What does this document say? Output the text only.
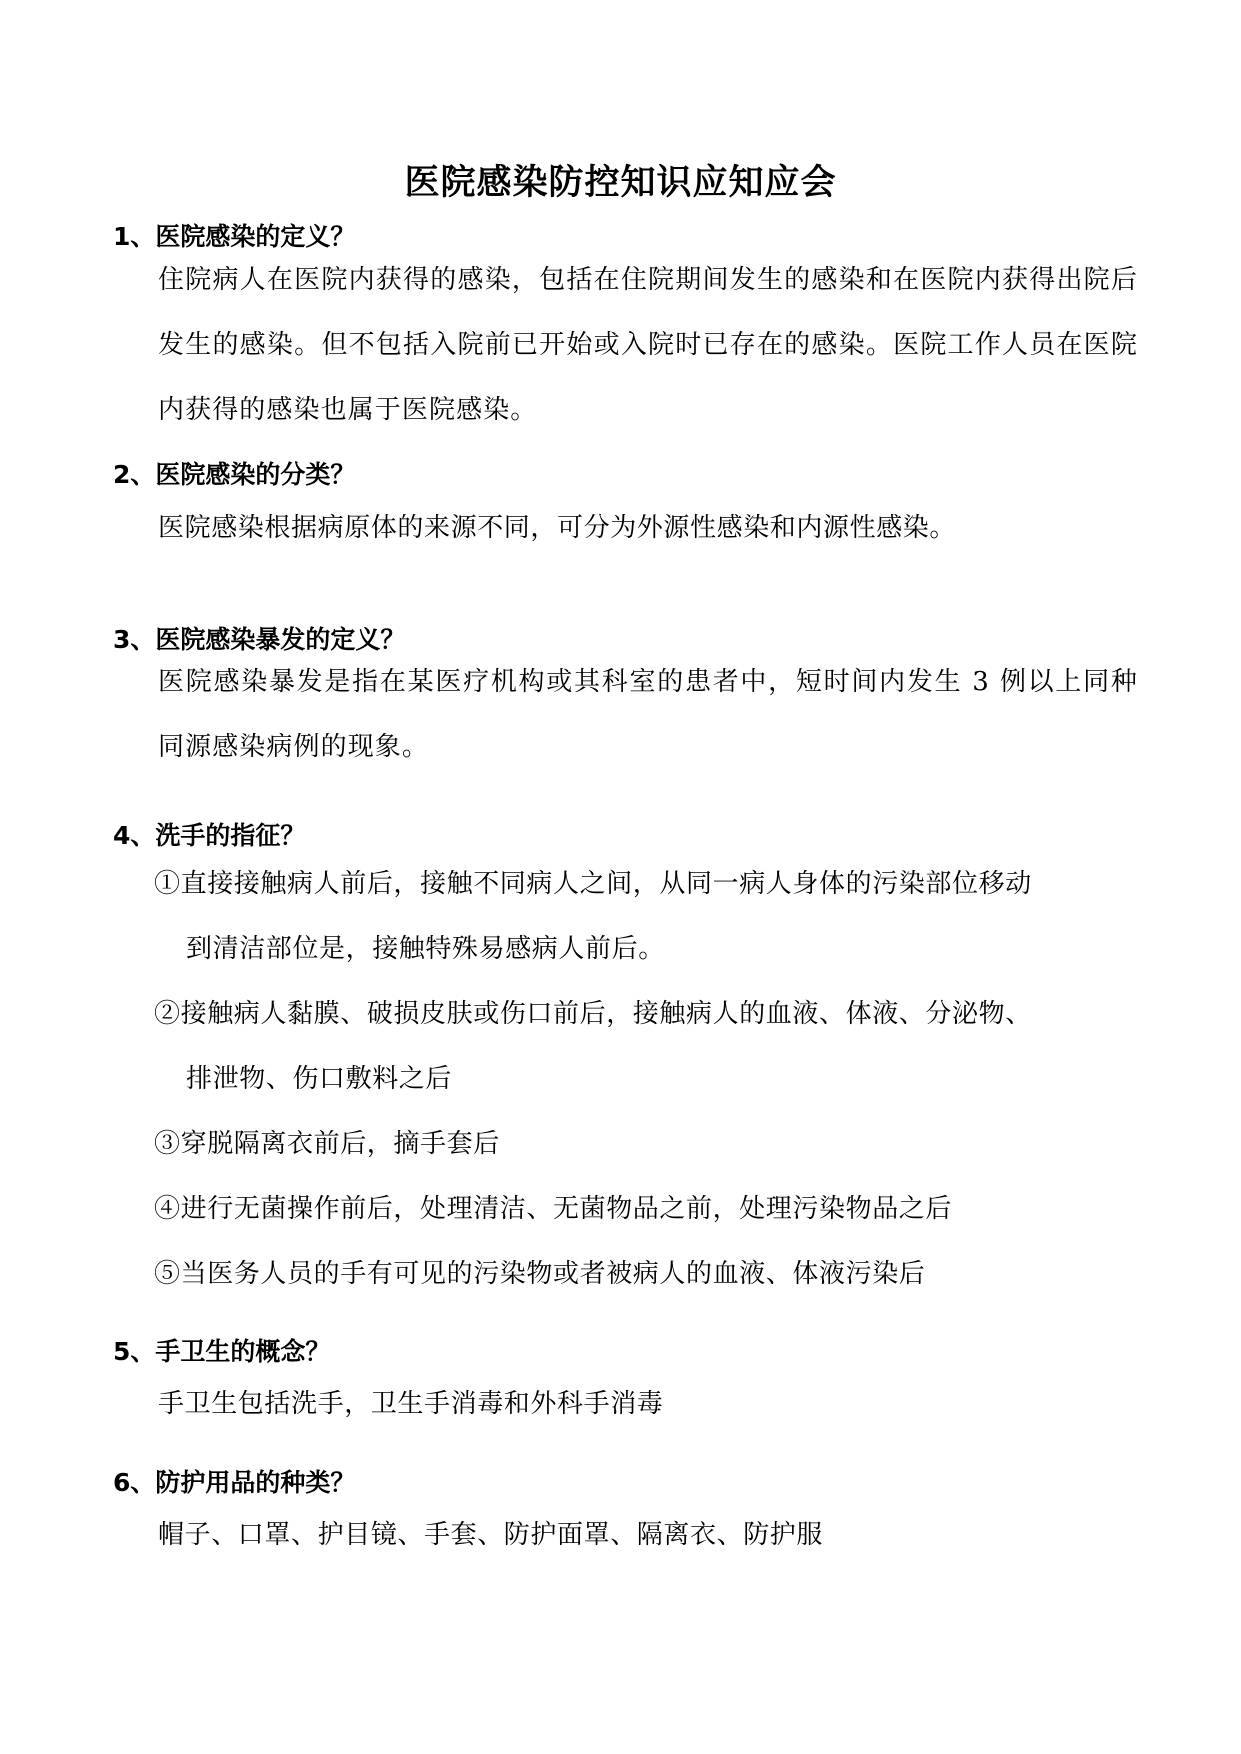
医院感染防控知识应知应会
1、医院感染的定义？
住院病人在医院内获得的感染，包括在住院期间发生的感染和在医院内获得出院后发生的感染。但不包括入院前已开始或入院时已存在的感染。医院工作人员在医院内获得的感染也属于医院感染。
2、医院感染的分类？
医院感染根据病原体的来源不同，可分为外源性感染和内源性感染。
3、医院感染暴发的定义？
医院感染暴发是指在某医疗机构或其科室的患者中，短时间内发生 3 例以上同种同源感染病例的现象。
4、洗手的指征？
①直接接触病人前后，接触不同病人之间，从同一病人身体的污染部位移动
到清洁部位是，接触特殊易感病人前后。
②接触病人黏膜、破损皮肤或伤口前后，接触病人的血液、体液、分泌物、
排泄物、伤口敷料之后
③穿脱隔离衣前后，摘手套后
④进行无菌操作前后，处理清洁、无菌物品之前，处理污染物品之后
⑤当医务人员的手有可见的污染物或者被病人的血液、体液污染后
5、手卫生的概念？
手卫生包括洗手，卫生手消毒和外科手消毒
6、防护用品的种类？
帽子、口罩、护目镜、手套、防护面罩、隔离衣、防护服
